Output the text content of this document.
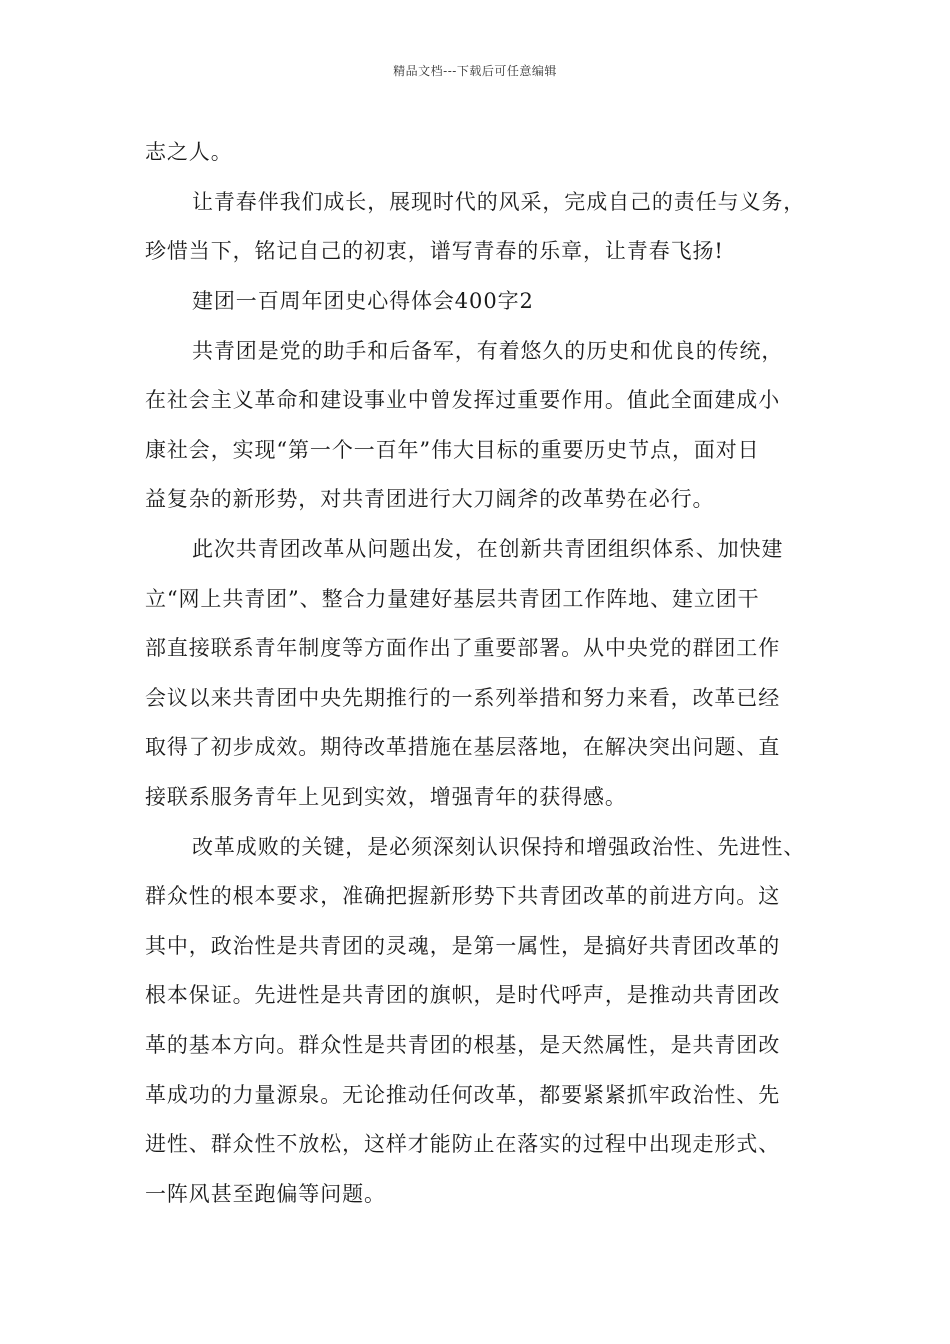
精品文档---下载后可任意编辑
志之人。
让青春伴我们成长，展现时代的风采，完成自己的责任与义务，
珍惜当下，铭记自己的初衷，谱写青春的乐章，让青春飞扬!
建团一百周年团史心得体会400字2
共青团是党的助手和后备军，有着悠久的历史和优良的传统，
在社会主义革命和建设事业中曾发挥过重要作用。值此全面建成小
康社会，实现“第一个一百年”伟大目标的重要历史节点，面对日
益复杂的新形势，对共青团进行大刀阔斧的改革势在必行。
此次共青团改革从问题出发，在创新共青团组织体系、加快建
立“网上共青团”、整合力量建好基层共青团工作阵地、建立团干
部直接联系青年制度等方面作出了重要部署。从中央党的群团工作
会议以来共青团中央先期推行的一系列举措和努力来看，改革已经
取得了初步成效。期待改革措施在基层落地，在解决突出问题、直
接联系服务青年上见到实效，增强青年的获得感。
改革成败的关键，是必须深刻认识保持和增强政治性、先进性、
群众性的根本要求，准确把握新形势下共青团改革的前进方向。这
其中，政治性是共青团的灵魂，是第一属性，是搞好共青团改革的
根本保证。先进性是共青团的旗帜，是时代呼声，是推动共青团改
革的基本方向。群众性是共青团的根基，是天然属性，是共青团改
革成功的力量源泉。无论推动任何改革，都要紧紧抓牢政治性、先
进性、群众性不放松，这样才能防止在落实的过程中出现走形式、
一阵风甚至跑偏等问题。
